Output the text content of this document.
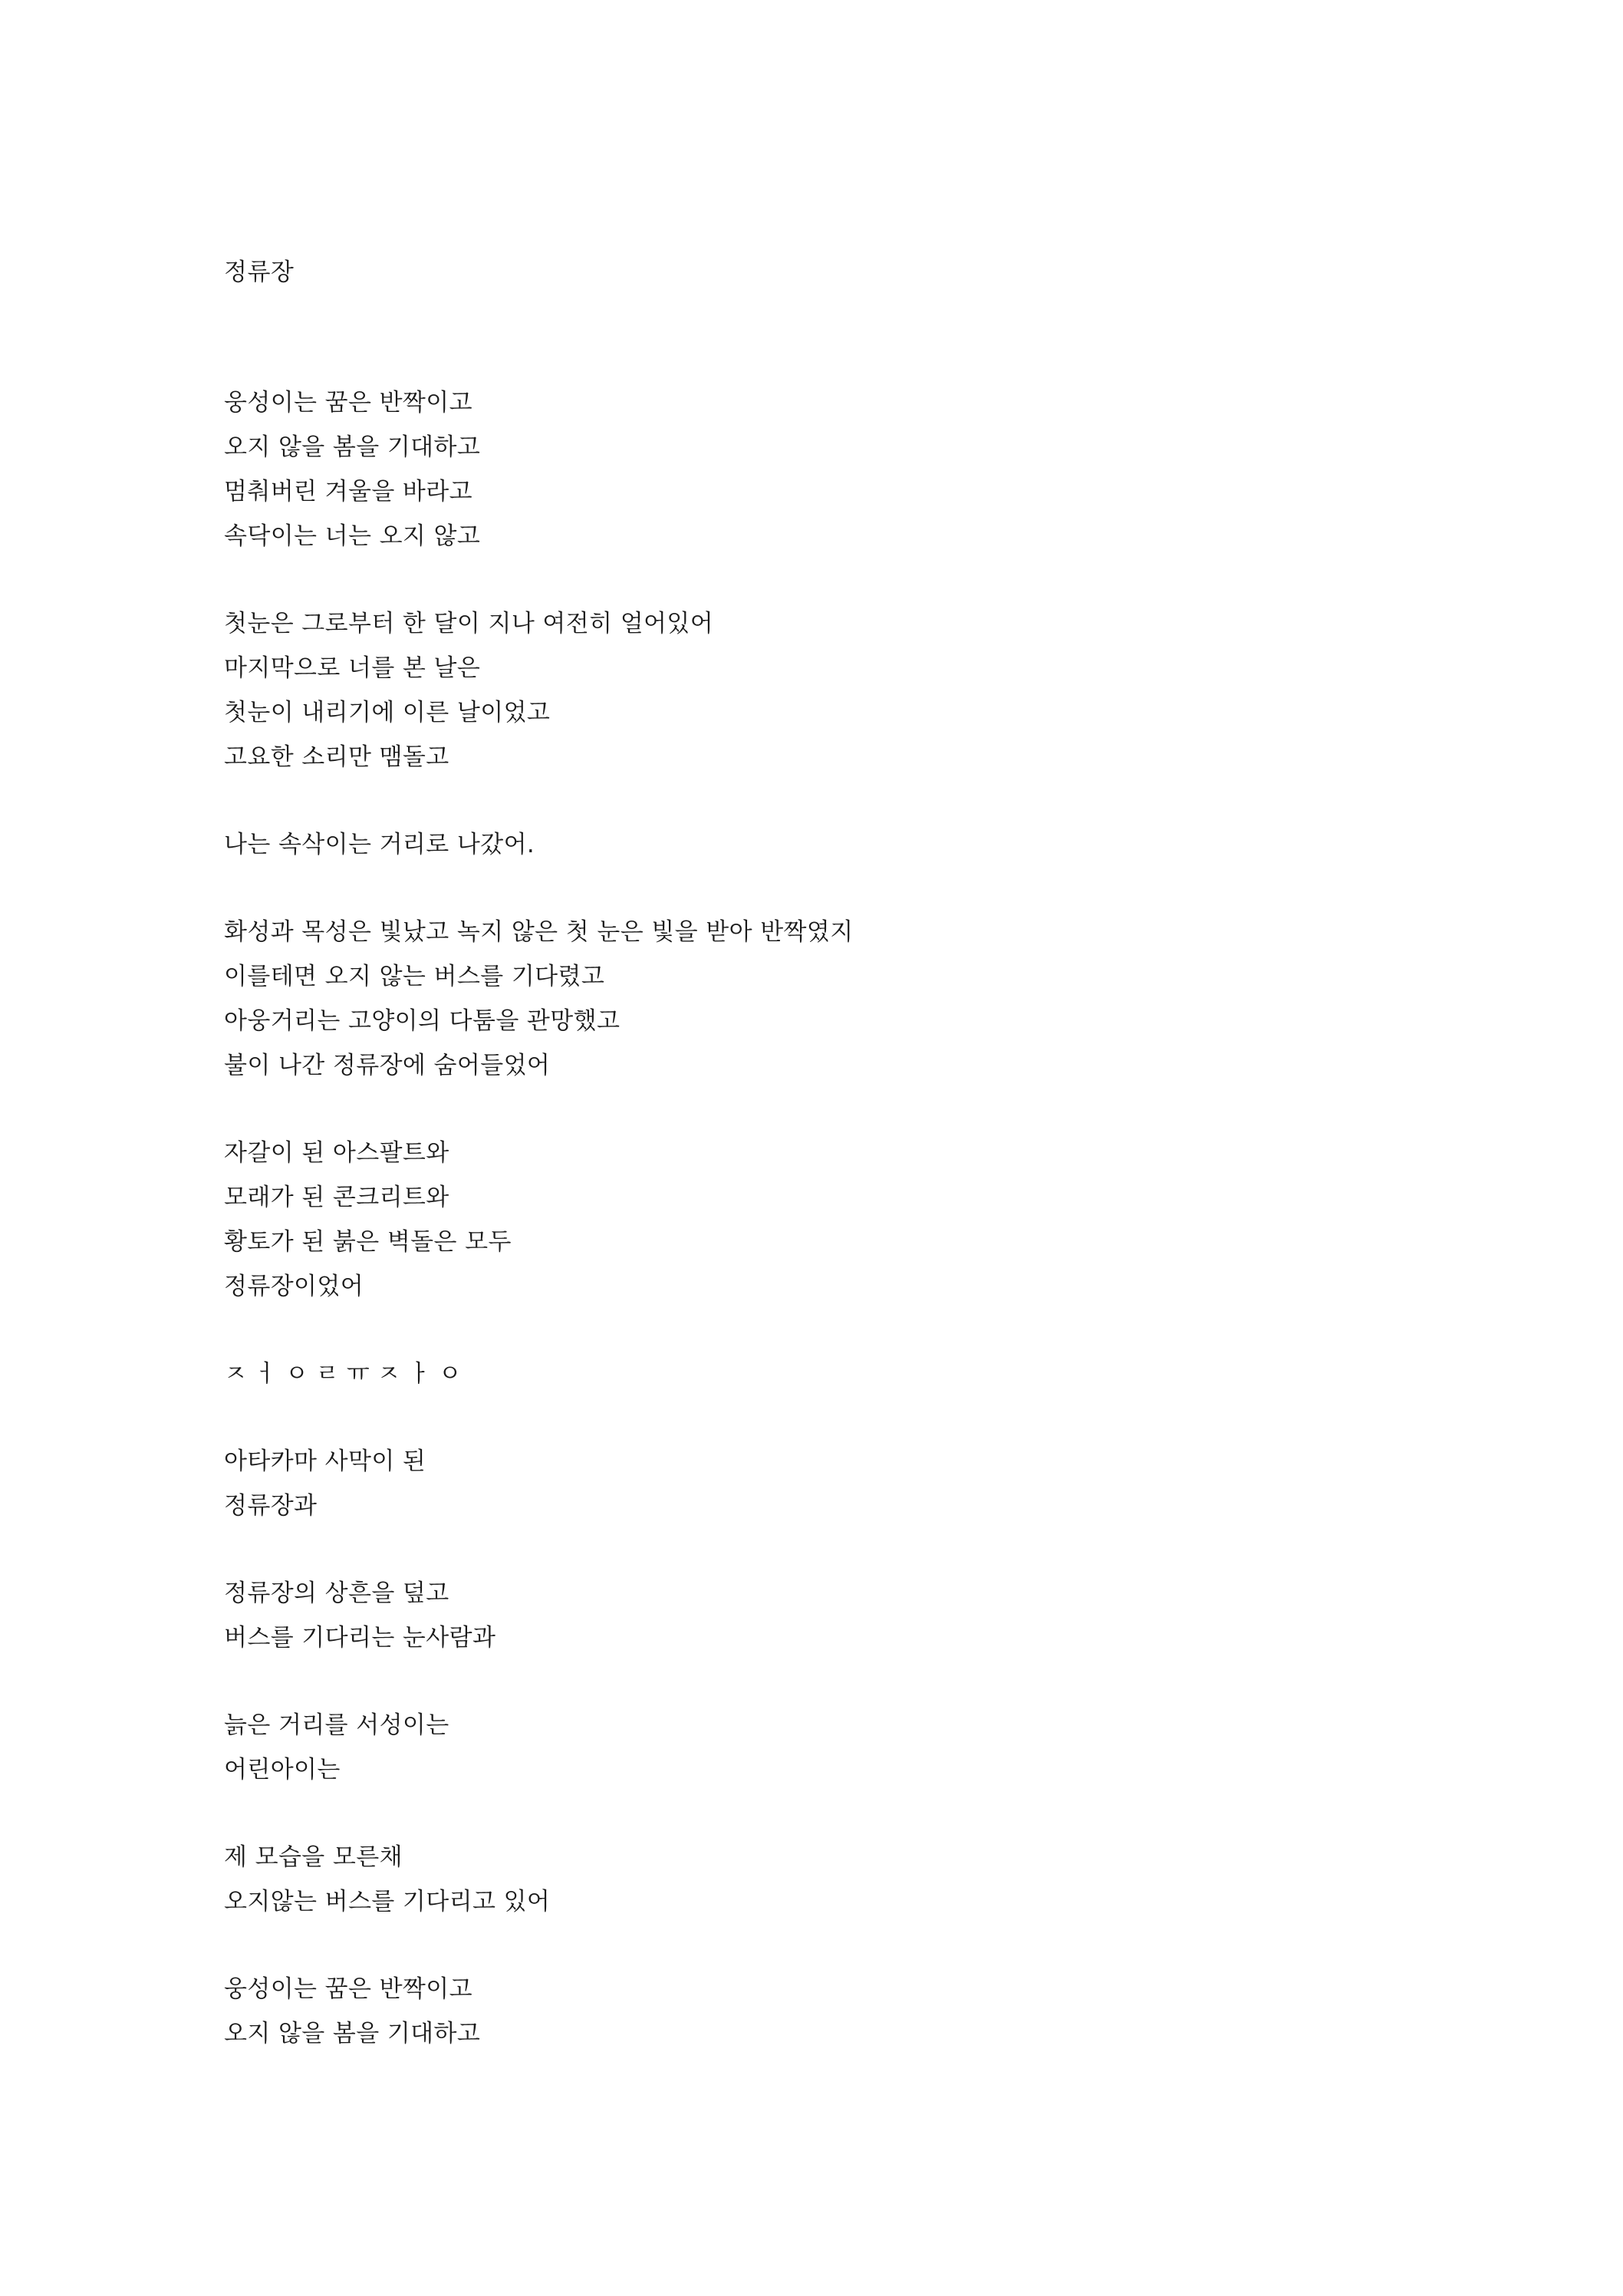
정류장
웅성이는 꿈은 반짝이고
오지 않을 봄을 기대하고
멈춰버린 겨울을 바라고
속닥이는 너는 오지 않고
첫눈은 그로부터 한 달이 지나 여전히 얼어있어
마지막으로 너를 본 날은
첫눈이 내리기에 이른 날이었고
고요한 소리만 맴돌고
나는 속삭이는 거리로 나갔어.
화성과 목성은 빛났고 녹지 않은 첫 눈은 빛을 받아 반짝였지
이를테면 오지 않는 버스를 기다렸고
아웅거리는 고양이의 다툼을 관망했고
불이 나간 정류장에 숨어들었어
자갈이 된 아스팔트와
모래가 된 콘크리트와
황토가 된 붉은 벽돌은 모두
정류장이었어
ㅈㅓㅇㄹㅠㅈㅏㅇ
아타카마 사막이 된
정류장과
정류장의 상흔을 덮고
버스를 기다리는 눈사람과
늙은 거리를 서성이는
어린아이는
제 모습을 모른채
오지않는 버스를 기다리고 있어
웅성이는 꿈은 반짝이고
오지 않을 봄을 기대하고
